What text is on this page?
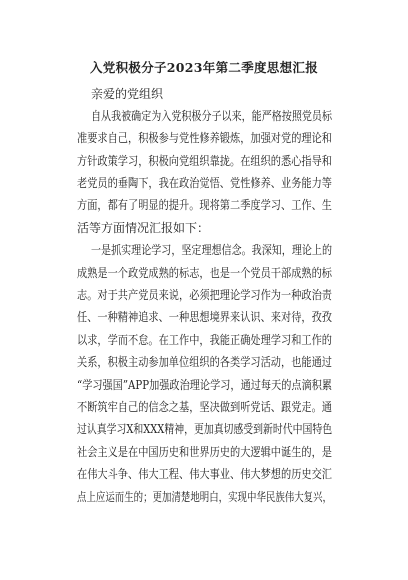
入党积极分子2023年第二季度思想汇报

亲爱的党组织

自从我被确定为入党积极分子以来，能严格按照党员标

准要求自己，积极参与党性修养锻炼，加强对党的理论和

方针政策学习，积极向党组织靠拢。在组织的悉心指导和

老党员的垂陶下，我在政治觉悟、党性修养、业务能力等

方面，都有了明显的提升。现将第二季度学习、工作、生

活等方面情况汇报如下：

一是抓实理论学习，坚定理想信念。我深知，理论上的

成熟是一个政党成熟的标志，也是一个党员干部成熟的标

志。对于共产党员来说，必须把理论学习作为一种政治责

任、一种精神追求、一种思想境界来认识、来对待，孜孜

以求，学而不怠。在工作中，我能正确处理学习和工作的

关系，积极主动参加单位组织的各类学习活动，也能通过

“学习强国”APP加强政治理论学习，通过每天的点滴积累

不断筑牢自己的信念之基，坚决做到听党话、跟党走。通

过认真学习X和XXX精神，更加真切感受到新时代中国特色

社会主义是在中国历史和世界历史的大逻辑中诞生的，是

在伟大斗争、伟大工程、伟大事业、伟大梦想的历史交汇

点上应运而生的；更加清楚地明白，实现中华民族伟大复兴，
